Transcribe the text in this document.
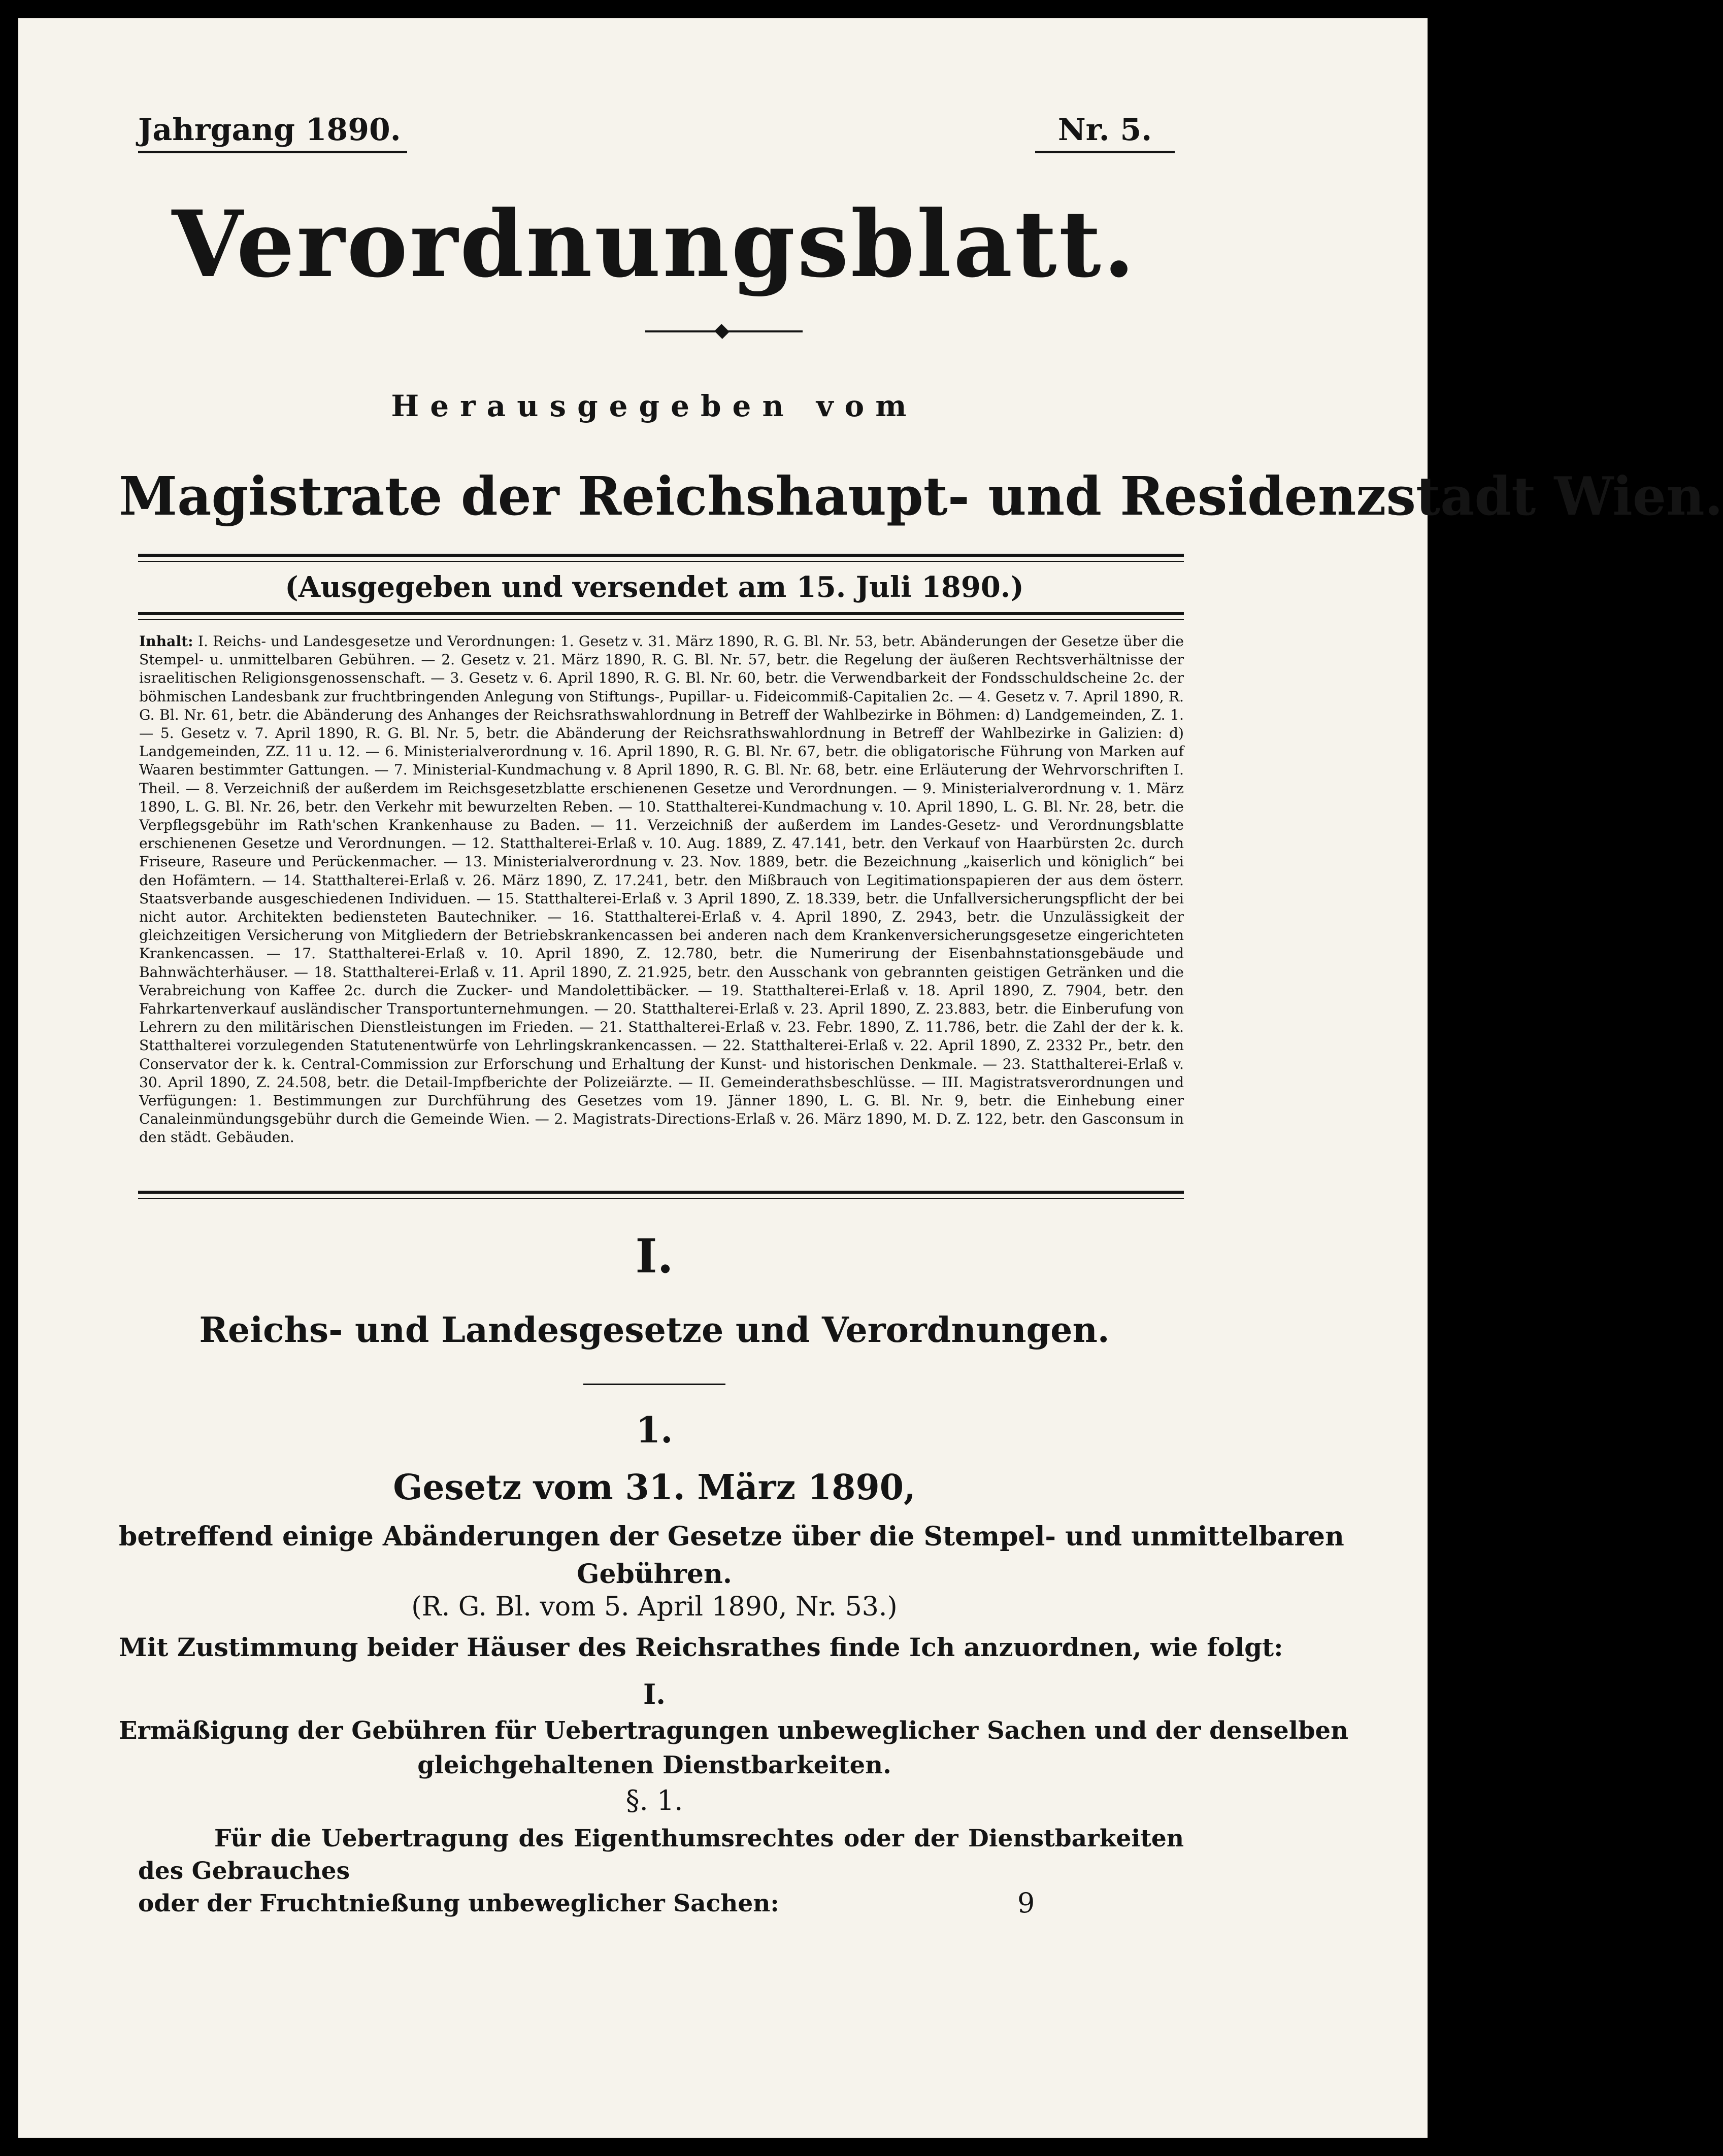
Jahrgang 1890.	Nr. 5.
Verordnungsblatt.
Herausgegeben vom
Magistrate der Reichshaupt- und Residenzstadt Wien.
(Ausgegeben und versendet am 15. Juli 1890.)
Inhalt: I. Reichs- und Landesgesetze und Verordnungen: 1. Gesetz v. 31. März 1890, R. G. Bl. Nr. 53, betr. Abänderungen der Gesetze über die Stempel- u. unmittelbaren Gebühren. — 2. Gesetz v. 21. März 1890, R. G. Bl. Nr. 57, betr. die Regelung der äußeren Rechtsverhältnisse der israelitischen Religionsgenossenschaft. — 3. Gesetz v. 6. April 1890, R. G. Bl. Nr. 60, betr. die Verwendbarkeit der Fondsschuldscheine 2c. der böhmischen Landesbank zur fruchtbringenden Anlegung von Stiftungs-, Pupillar- u. Fideicommiß-Capitalien 2c. — 4. Gesetz v. 7. April 1890, R. G. Bl. Nr. 61, betr. die Abänderung des Anhanges der Reichsrathswahlordnung in Betreff der Wahlbezirke in Böhmen: d) Landgemeinden, Z. 1. — 5. Gesetz v. 7. April 1890, R. G. Bl. Nr. 5, betr. die Abänderung der Reichsrathswahlordnung in Betreff der Wahlbezirke in Galizien: d) Landgemeinden, ZZ. 11 u. 12. — 6. Ministerialverordnung v. 16. April 1890, R. G. Bl. Nr. 67, betr. die obligatorische Führung von Marken auf Waaren bestimmter Gattungen. — 7. Ministerial-Kundmachung v. 8 April 1890, R. G. Bl. Nr. 68, betr. eine Erläuterung der Wehrvorschriften I. Theil. — 8. Verzeichniß der außerdem im Reichsgesetzblatte erschienenen Gesetze und Verordnungen. — 9. Ministerialverordnung v. 1. März 1890, L. G. Bl. Nr. 26, betr. den Verkehr mit bewurzelten Reben. — 10. Statthalterei-Kundmachung v. 10. April 1890, L. G. Bl. Nr. 28, betr. die Verpflegsgebühr im Rath'schen Krankenhause zu Baden. — 11. Verzeichniß der außerdem im Landes-Gesetz- und Verordnungsblatte erschienenen Gesetze und Verordnungen. — 12. Statthalterei-Erlaß v. 10. Aug. 1889, Z. 47.141, betr. den Verkauf von Haarbürsten 2c. durch Friseure, Raseure und Perückenmacher. — 13. Ministerialverordnung v. 23. Nov. 1889, betr. die Bezeichnung „kaiserlich und königlich“ bei den Hofämtern. — 14. Statthalterei-Erlaß v. 26. März 1890, Z. 17.241, betr. den Mißbrauch von Legitimationspapieren der aus dem österr. Staatsverbande ausgeschiedenen Individuen. — 15. Statthalterei-Erlaß v. 3 April 1890, Z. 18.339, betr. die Unfallversicherungspflicht der bei nicht autor. Architekten bediensteten Bautechniker. — 16. Statthalterei-Erlaß v. 4. April 1890, Z. 2943, betr. die Unzulässigkeit der gleichzeitigen Versicherung von Mitgliedern der Betriebskrankencassen bei anderen nach dem Krankenversicherungsgesetze eingerichteten Krankencassen. — 17. Statthalterei-Erlaß v. 10. April 1890, Z. 12.780, betr. die Numerirung der Eisenbahnstationsgebäude und Bahnwächterhäuser. — 18. Statthalterei-Erlaß v. 11. April 1890, Z. 21.925, betr. den Ausschank von gebrannten geistigen Getränken und die Verabreichung von Kaffee 2c. durch die Zucker- und Mandolettibäcker. — 19. Statthalterei-Erlaß v. 18. April 1890, Z. 7904, betr. den Fahrkartenverkauf ausländischer Transportunternehmungen. — 20. Statthalterei-Erlaß v. 23. April 1890, Z. 23.883, betr. die Einberufung von Lehrern zu den militärischen Dienstleistungen im Frieden. — 21. Statthalterei-Erlaß v. 23. Febr. 1890, Z. 11.786, betr. die Zahl der der k. k. Statthalterei vorzulegenden Statutenentwürfe von Lehrlingskrankencassen. — 22. Statthalterei-Erlaß v. 22. April 1890, Z. 2332 Pr., betr. den Conservator der k. k. Central-Commission zur Erforschung und Erhaltung der Kunst- und historischen Denkmale. — 23. Statthalterei-Erlaß v. 30. April 1890, Z. 24.508, betr. die Detail-Impfberichte der Polizeiärzte. — II. Gemeinderathsbeschlüsse. — III. Magistratsverordnungen und Verfügungen: 1. Bestimmungen zur Durchführung des Gesetzes vom 19. Jänner 1890, L. G. Bl. Nr. 9, betr. die Einhebung einer Canaleinmündungsgebühr durch die Gemeinde Wien. — 2. Magistrats-Directions-Erlaß v. 26. März 1890, M. D. Z. 122, betr. den Gasconsum in den städt. Gebäuden.
I.
Reichs- und Landesgesetze und Verordnungen.
1.
Gesetz vom 31. März 1890,
betreffend einige Abänderungen der Gesetze über die Stempel- und unmittelbaren
Gebühren.
(R. G. Bl. vom 5. April 1890, Nr. 53.)
Mit Zustimmung beider Häuser des Reichsrathes finde Ich anzuordnen, wie folgt:
I.
Ermäßigung der Gebühren für Uebertragungen unbeweglicher Sachen und der denselben
gleichgehaltenen Dienstbarkeiten.
§. 1.
Für die Uebertragung des Eigenthumsrechtes oder der Dienstbarkeiten des Gebrauches
oder der Fruchtnießung unbeweglicher Sachen:	9
